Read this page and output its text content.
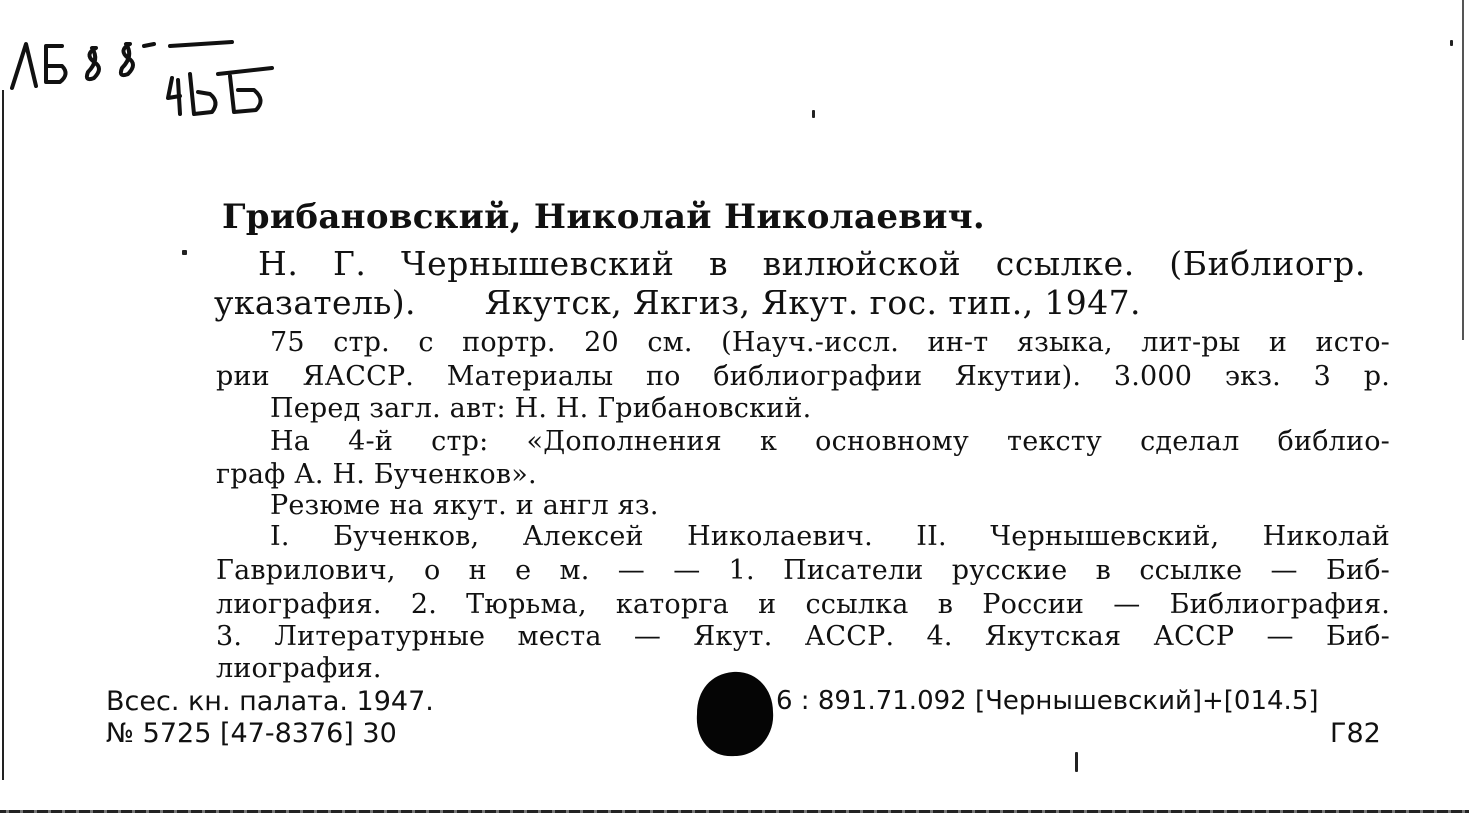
Грибановский, Николай Николаевич.
Н. Г. Чернышевский в вилюйской ссылке. (Библиогр.
указатель). Якутск, Якгиз, Якут. гос. тип., 1947.
75 стр. с портр. 20 см. (Науч.-иссл. ин-т языка, лит-ры и истo-
рии ЯАССР. Материалы по библиографии Якутии). 3.000 экз. 3 р.
Перед загл. авт: Н. Н. Грибановский.
На 4-й стр: «Дополнения к основному тексту сделал библио-
граф А. Н. Бученков».
Резюме на якут. и англ яз.
I. Бученков, Алексей Николаевич. II. Чернышевский, Николай
Гаврилович, о н е м. — — 1. Писатели русские в ссылке — Биб-
лиография. 2. Тюрьма, каторга и ссылка в России — Библиография.
3. Литературные места — Якут. АССР. 4. Якутская АССР — Биб-
лиография.
Всес. кн. палата. 1947.
№ 5725 [47-8376] 30
6 : 891.71.092 [Чернышевский]+[014.5]
Г82
